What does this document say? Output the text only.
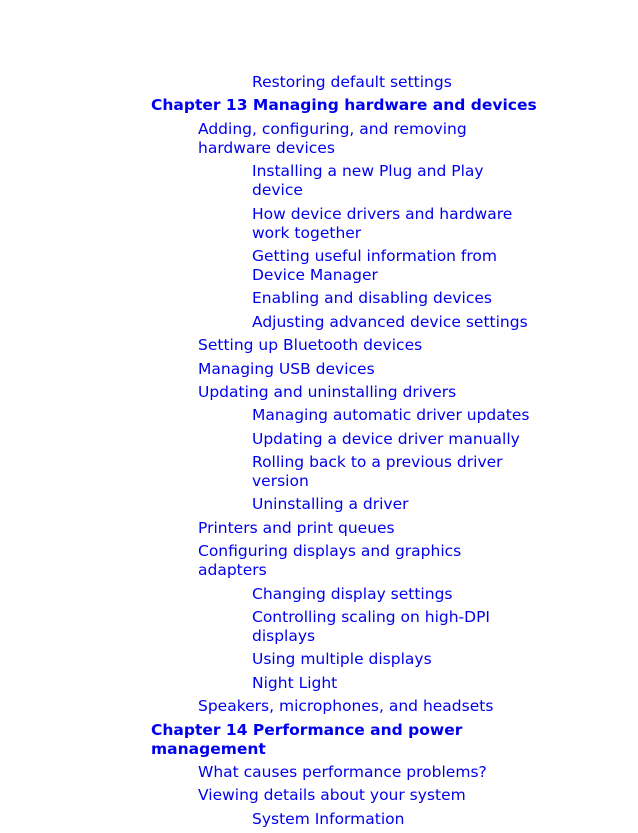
Restoring default settings
Chapter 13 Managing hardware and devices
Adding, configuring, and removing hardware devices
Installing a new Plug and Play device
How device drivers and hardware work together
Getting useful information from Device Manager
Enabling and disabling devices
Adjusting advanced device settings
Setting up Bluetooth devices
Managing USB devices
Updating and uninstalling drivers
Managing automatic driver updates
Updating a device driver manually
Rolling back to a previous driver version
Uninstalling a driver
Printers and print queues
Configuring displays and graphics adapters
Changing display settings
Controlling scaling on high-DPI displays
Using multiple displays
Night Light
Speakers, microphones, and headsets
Chapter 14 Performance and power management
What causes performance problems?
Viewing details about your system
System Information
